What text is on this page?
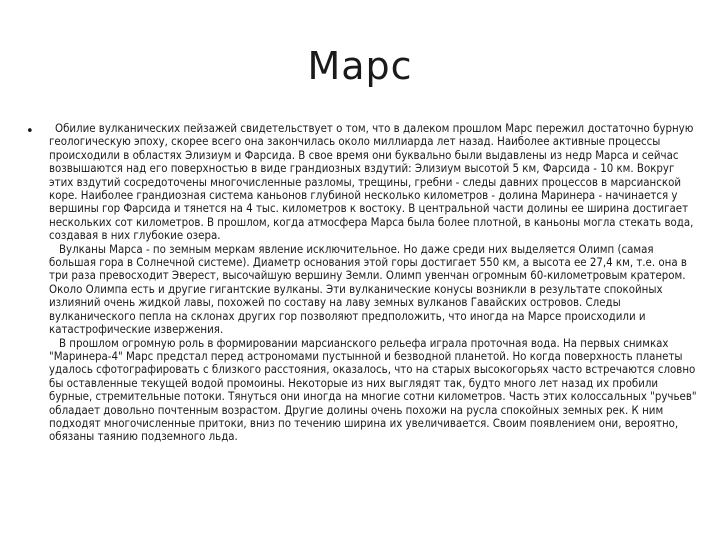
Марс
•	Обилие вулканических пейзажей свидетельствует о том, что в далеком прошлом Марс пережил достаточно бурную геологическую эпоху, скорее всего она закончилась около миллиарда лет назад. Наиболее активные процессы происходили в областях Элизиум и Фарсида. В свое время они буквально были выдавлены из недр Марса и сейчас возвышаются над его поверхностью в виде грандиозных вздутий: Элизиум высотой 5 км, Фарсида - 10 км. Вокруг этих вздутий сосредоточены многочисленные разломы, трещины, гребни - следы давних процессов в марсианской коре. Наиболее грандиозная система каньонов глубиной несколько километров - долина Маринера - начинается у вершины гор Фарсида и тянется на 4 тыс. километров к востоку. В центральной части долины ее ширина достигает нескольких сот километров. В прошлом, когда атмосфера Марса была более плотной, в каньоны могла стекать вода, создавая в них глубокие озера.

Вулканы Марса - по земным меркам явление исключительное. Но даже среди них выделяется Олимп (самая большая гора в Солнечной системе). Диаметр основания этой горы достигает 550 км, а высота ее 27,4 км, т.е. она в три раза превосходит Эверест, высочайшую вершину Земли. Олимп увенчан огромным 60-километровым кратером. Около Олимпа есть и другие гигантские вулканы. Эти вулканические конусы возникли в результате спокойных излияний очень жидкой лавы, похожей по составу на лаву земных вулканов Гавайских островов. Следы вулканического пепла на склонах других гор позволяют предположить, что иногда на Марсе происходили и катастрофические извержения.

В прошлом огромную роль в формировании марсианского рельефа играла проточная вода. На первых снимках "Маринера-4" Марс предстал перед астрономами пустынной и безводной планетой. Но когда поверхность планеты удалось сфотографировать с близкого расстояния, оказалось, что на старых высокогорьях часто встречаются словно бы оставленные текущей водой промоины. Некоторые из них выглядят так, будто много лет назад их пробили бурные, стремительные потоки. Тянуться они иногда на многие сотни километров. Часть этих колоссальных "ручьев" обладает довольно почтенным возрастом. Другие долины очень похожи на русла спокойных земных рек. К ним подходят многочисленные притоки, вниз по течению ширина их увеличивается. Своим появлением они, вероятно, обязаны таянию подземного льда.
